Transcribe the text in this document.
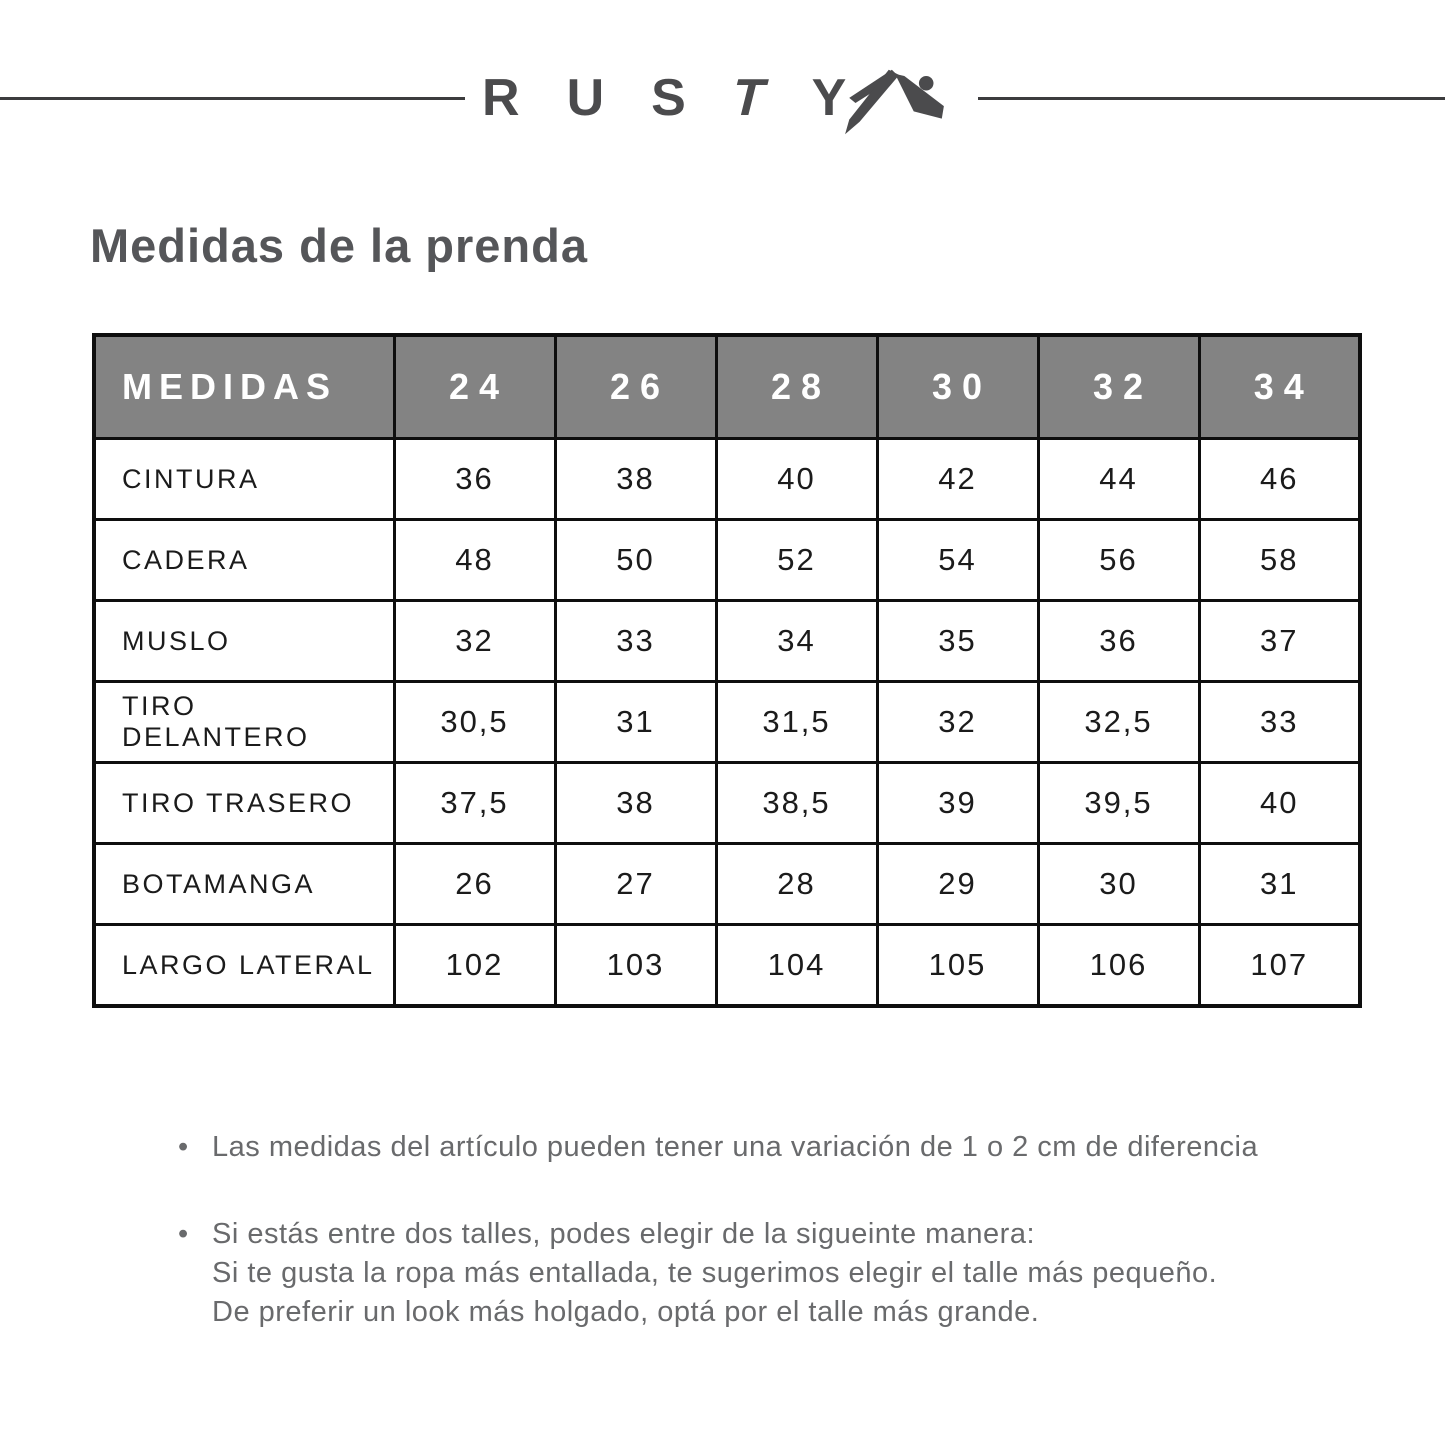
R U S T Y
Medidas de la prenda
MEDIDAS	24	26	28	30	32	34
CINTURA	36	38	40	42	44	46
CADERA	48	50	52	54	56	58
MUSLO	32	33	34	35	36	37
TIRO DELANTERO	30,5	31	31,5	32	32,5	33
TIRO TRASERO	37,5	38	38,5	39	39,5	40
BOTAMANGA	26	27	28	29	30	31
LARGO LATERAL	102	103	104	105	106	107
• Las medidas del artículo pueden tener una variación de 1 o 2 cm de diferencia
• Si estás entre dos talles, podes elegir de la sigueinte manera:
Si te gusta la ropa más entallada, te sugerimos elegir el talle más pequeño.
De preferir un look más holgado, optá por el talle más grande.
